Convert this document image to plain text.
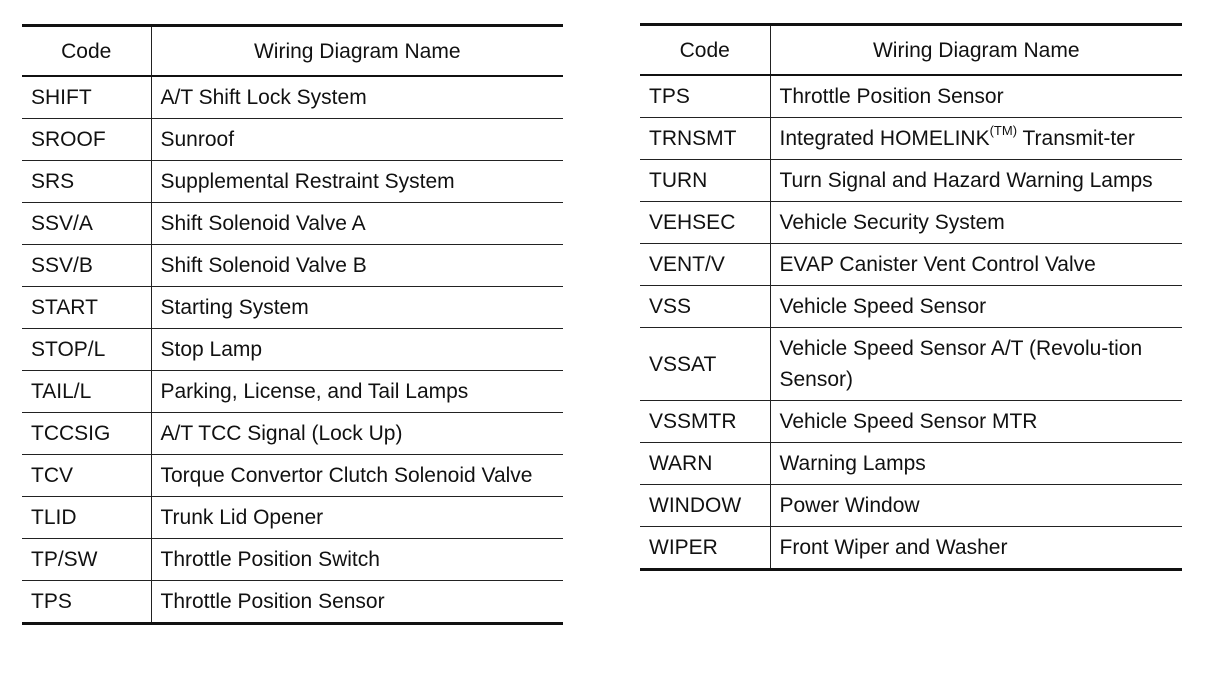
Code	Wiring Diagram Name
SHIFT	A/T Shift Lock System
SROOF	Sunroof
SRS	Supplemental Restraint System
SSV/A	Shift Solenoid Valve A
SSV/B	Shift Solenoid Valve B
START	Starting System
STOP/L	Stop Lamp
TAIL/L	Parking, License, and Tail Lamps
TCCSIG	A/T TCC Signal (Lock Up)
TCV	Torque Convertor Clutch Solenoid Valve
TLID	Trunk Lid Opener
TP/SW	Throttle Position Switch
TPS	Throttle Position Sensor
Code	Wiring Diagram Name
TPS	Throttle Position Sensor
TRNSMT	Integrated $HOMELINK^{(TM)}$ Transmit-ter
TURN	Turn Signal and Hazard Warning Lamps
VEHSEC	Vehicle Security System
VENT/V	EVAP Canister Vent Control Valve
VSS	Vehicle Speed Sensor
VSSAT	Vehicle Speed Sensor A/T (Revolu-tion Sensor)
VSSMTR	Vehicle Speed Sensor MTR
WARN	Warning Lamps
WINDOW	Power Window
WIPER	Front Wiper and Washer
